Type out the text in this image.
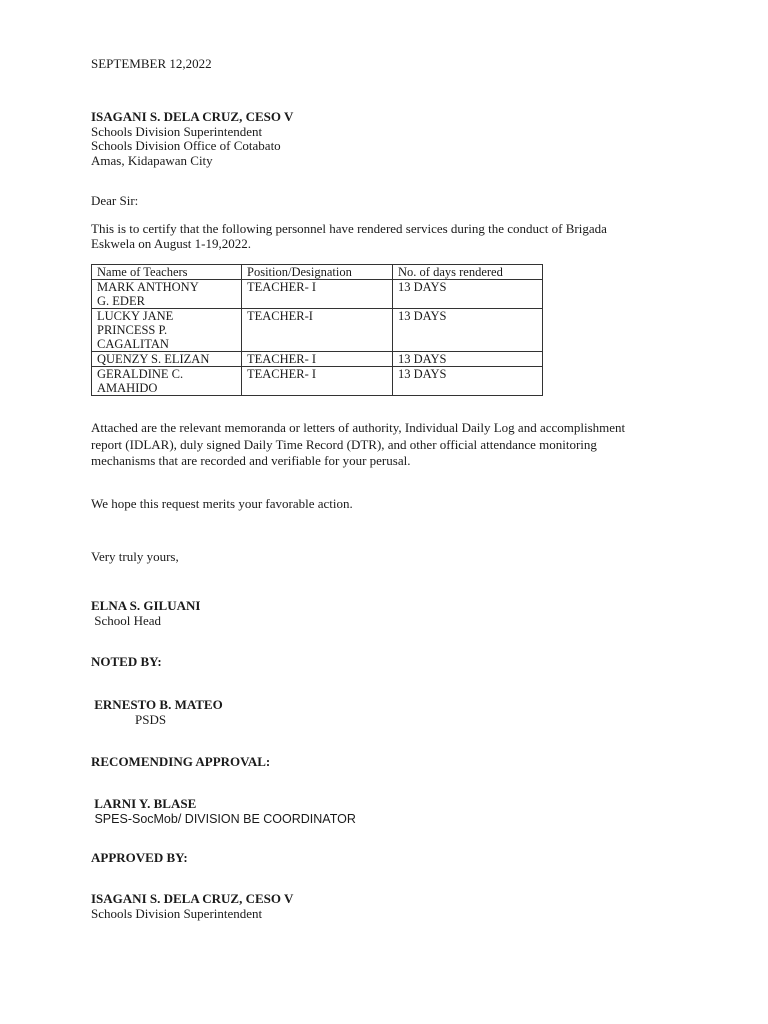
SEPTEMBER 12,2022
ISAGANI S. DELA CRUZ, CESO V
Schools Division Superintendent
Schools Division Office of Cotabato
Amas, Kidapawan City
Dear Sir:
This is to certify that the following personnel have rendered services during the conduct of Brigada Eskwela on August 1-19,2022.
Name of Teachers	Position/Designation	No. of days rendered
MARK ANTHONY
G. EDER	TEACHER- I	13 DAYS
LUCKY JANE
PRINCESS P.
CAGALITAN	TEACHER-I	13 DAYS
QUENZY S. ELIZAN	TEACHER- I	13 DAYS
GERALDINE C.
AMAHIDO	TEACHER- I	13 DAYS
Attached are the relevant memoranda or letters of authority, Individual Daily Log and accomplishment report (IDLAR), duly signed Daily Time Record (DTR), and other official attendance monitoring mechanisms that are recorded and verifiable for your perusal.
We hope this request merits your favorable action.
Very truly yours,
ELNA S. GILUANI
School Head
NOTED BY:
ERNESTO B. MATEO
PSDS
RECOMENDING APPROVAL:
LARNI Y. BLASE
SPES-SocMob/ DIVISION BE COORDINATOR
APPROVED BY:
ISAGANI S. DELA CRUZ, CESO V
Schools Division Superintendent
